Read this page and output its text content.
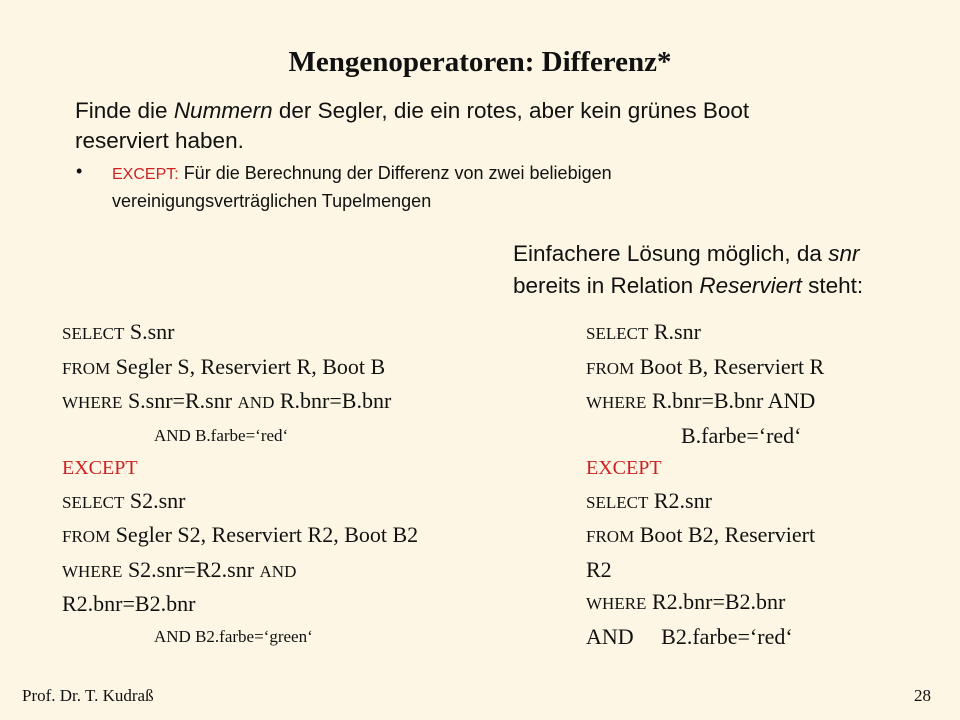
Mengenoperatoren: Differenz*
Finde die Nummern der Segler, die ein rotes, aber kein grünes Boot
reserviert haben.
• EXCEPT: Für die Berechnung der Differenz von zwei beliebigen
vereinigungsverträglichen Tupelmengen
Einfachere Lösung möglich, da snr
bereits in Relation Reserviert steht:
SELECT S.snr
FROM Segler S, Reserviert R, Boot B
WHERE S.snr=R.snr AND R.bnr=B.bnr
AND B.farbe=‘red‘
EXCEPT
SELECT S2.snr
FROM Segler S2, Reserviert R2, Boot B2
WHERE S2.snr=R2.snr AND
R2.bnr=B2.bnr
AND B2.farbe=‘green‘
SELECT R.snr
FROM Boot B, Reserviert R
WHERE R.bnr=B.bnr AND
B.farbe=‘red‘
EXCEPT
SELECT R2.snr
FROM Boot B2, Reserviert
R2
WHERE R2.bnr=B2.bnr
AND     B2.farbe=‘red‘
Prof. Dr. T. Kudraß	28
